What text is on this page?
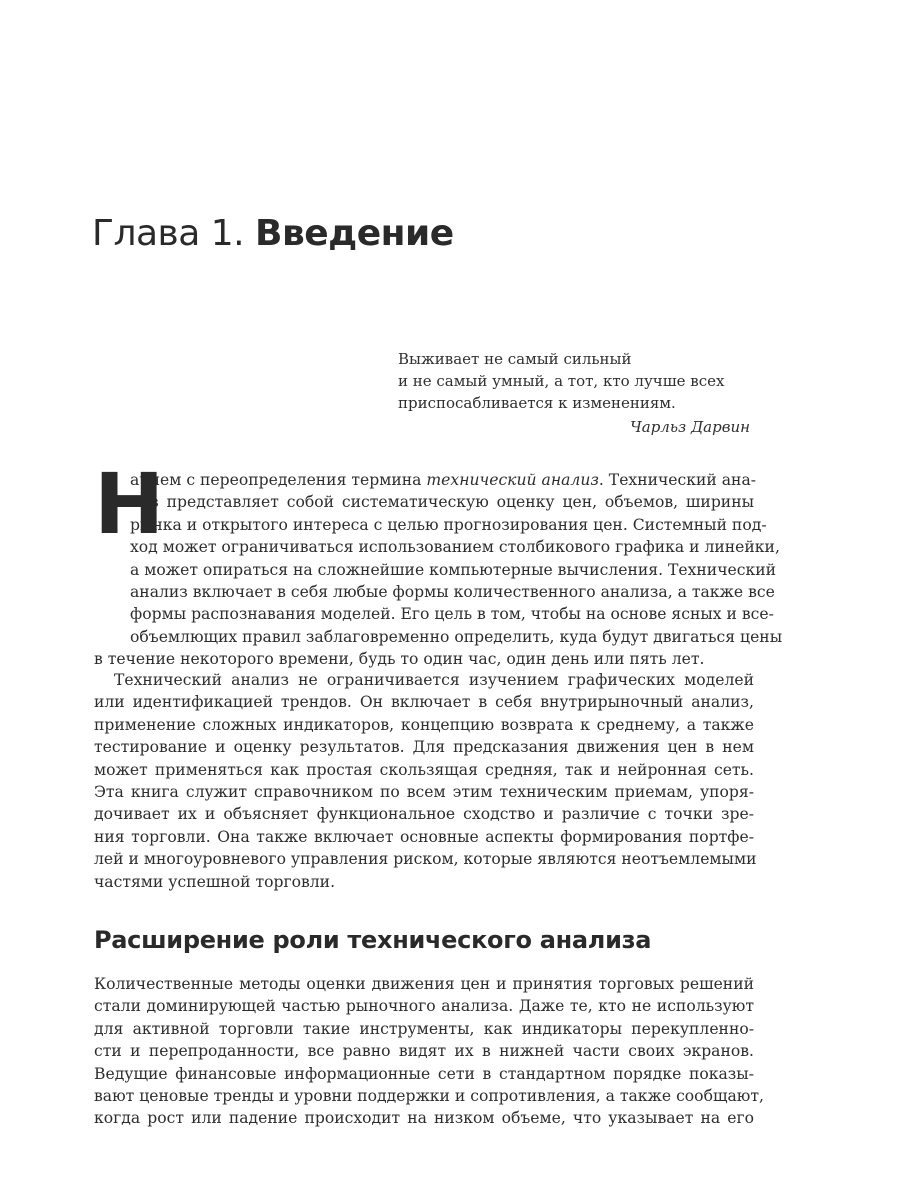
Глава 1. Введение
Выживает не самый сильный
и не самый умный, а тот, кто лучше всех
приспосабливается к изменениям.
Чарльз Дарвин
Н
ачнем с переопределения термина технический анализ. Технический ана-
лиз представляет собой систематическую оценку цен, объемов, ширины
рынка и открытого интереса с целью прогнозирования цен. Системный под-
ход может ограничиваться использованием столбикового графика и линейки,
а может опираться на сложнейшие компьютерные вычисления. Технический
анализ включает в себя любые формы количественного анализа, а также все
формы распознавания моделей. Его цель в том, чтобы на основе ясных и все-
объемлющих правил заблаговременно определить, куда будут двигаться цены
в течение некоторого времени, будь то один час, один день или пять лет.
Технический анализ не ограничивается изучением графических моделей
или идентификацией трендов. Он включает в себя внутрирыночный анализ,
применение сложных индикаторов, концепцию возврата к среднему, а также
тестирование и оценку результатов. Для предсказания движения цен в нем
может применяться как простая скользящая средняя, так и нейронная сеть.
Эта книга служит справочником по всем этим техническим приемам, упоря-
дочивает их и объясняет функциональное сходство и различие с точки зре-
ния торговли. Она также включает основные аспекты формирования портфе-
лей и многоуровневого управления риском, которые являются неотъемлемыми
частями успешной торговли.
Расширение роли технического анализа
Количественные методы оценки движения цен и принятия торговых решений
стали доминирующей частью рыночного анализа. Даже те, кто не используют
для активной торговли такие инструменты, как индикаторы перекупленно-
сти и перепроданности, все равно видят их в нижней части своих экранов.
Ведущие финансовые информационные сети в стандартном порядке показы-
вают ценовые тренды и уровни поддержки и сопротивления, а также сообщают,
когда рост или падение происходит на низком объеме, что указывает на его
